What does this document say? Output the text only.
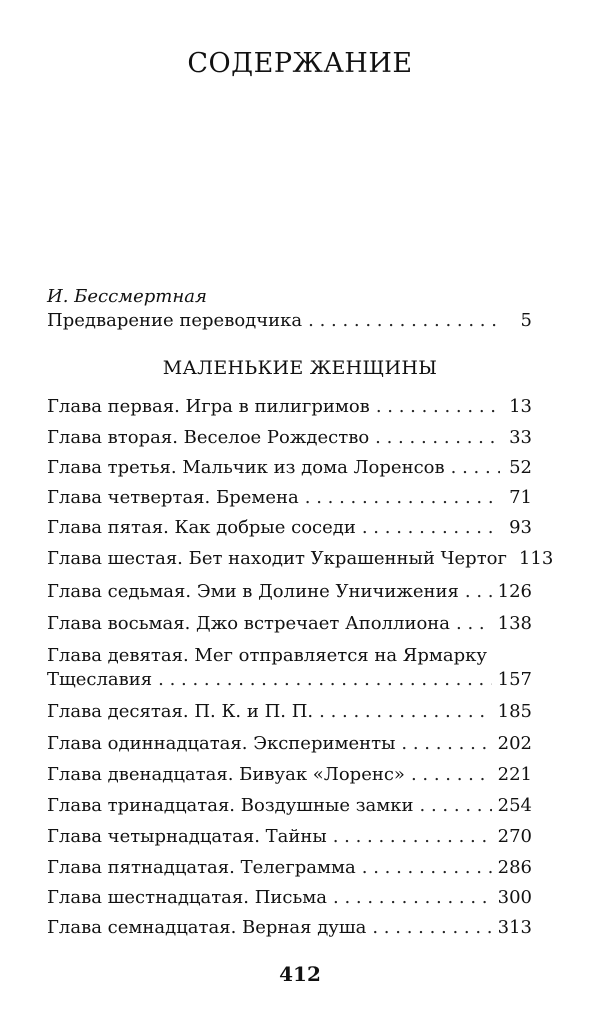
СОДЕРЖАНИЕ
И. Бессмертная
Предварение переводчика . . .	5
МАЛЕНЬКИЕ ЖЕНЩИНЫ
Глава первая. Игра в пилигримов . . .	13
Глава вторая. Веселое Рождество . . .	33
Глава третья. Мальчик из дома Лоренсов . . .	52
Глава четвертая. Бремена . . .	71
Глава пятая. Как добрые соседи . . .	93
Глава шестая. Бет находит Украшенный Чертог 113
Глава седьмая. Эми в Долине Уничижения . . . 126
Глава восьмая. Джо встречает Аполлиона . . .	138
Глава девятая. Мег отправляется на Ярмарку
Тщеславия . . .	157
Глава десятая. П. К. и П. П. . . .	185
Глава одиннадцатая. Эксперименты . . .	202
Глава двенадцатая. Бивуак «Лоренс» . . .	221
Глава тринадцатая. Воздушные замки . . .	254
Глава четырнадцатая. Тайны . . .	270
Глава пятнадцатая. Телеграмма . . .	286
Глава шестнадцатая. Письма . . .	300
Глава семнадцатая. Верная душа . . .	313
412
